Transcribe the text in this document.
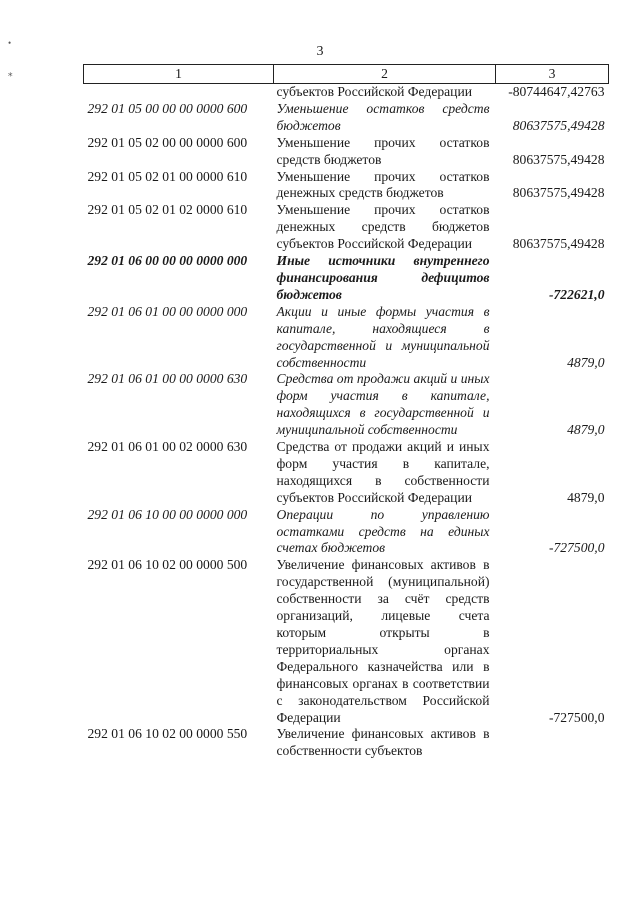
3
•
⁎	1	2	3
	субъектов Российской Федерации	-80744647,42763
292 01 05 00 00 00 0000 600	Уменьшение остатков средств бюджетов	80637575,49428
292 01 05 02 00 00 0000 600	Уменьшение прочих остатков средств бюджетов	80637575,49428
292 01 05 02 01 00 0000 610	Уменьшение прочих остатков денежных средств бюджетов	80637575,49428
292 01 05 02 01 02 0000 610	Уменьшение прочих остатков денежных средств бюджетов субъектов Российской Федерации	80637575,49428
292 01 06 00 00 00 0000 000	Иные источники внутреннего финансирования дефицитов бюджетов	-722621,0
292 01 06 01 00 00 0000 000	Акции и иные формы участия в капитале, находящиеся в государственной и муниципальной собственности	4879,0
292 01 06 01 00 00 0000 630	Средства от продажи акций и иных форм участия в капитале, находящихся в государственной и муниципальной собственности	4879,0
292 01 06 01 00 02 0000 630	Средства от продажи акций и иных форм участия в капитале, находящихся в собственности субъектов Российской Федерации	4879,0
292 01 06 10 00 00 0000 000	Операции по управлению остатками средств на единых счетах бюджетов	-727500,0
292 01 06 10 02 00 0000 500	Увеличение финансовых активов в государственной (муниципальной) собственности за счёт средств организаций, лицевые счета которым открыты в территориальных органах Федерального казначейства или в финансовых органах в соответствии с законодательством Российской Федерации	-727500,0
292 01 06 10 02 00 0000 550	Увеличение финансовых активов в собственности субъектов	
